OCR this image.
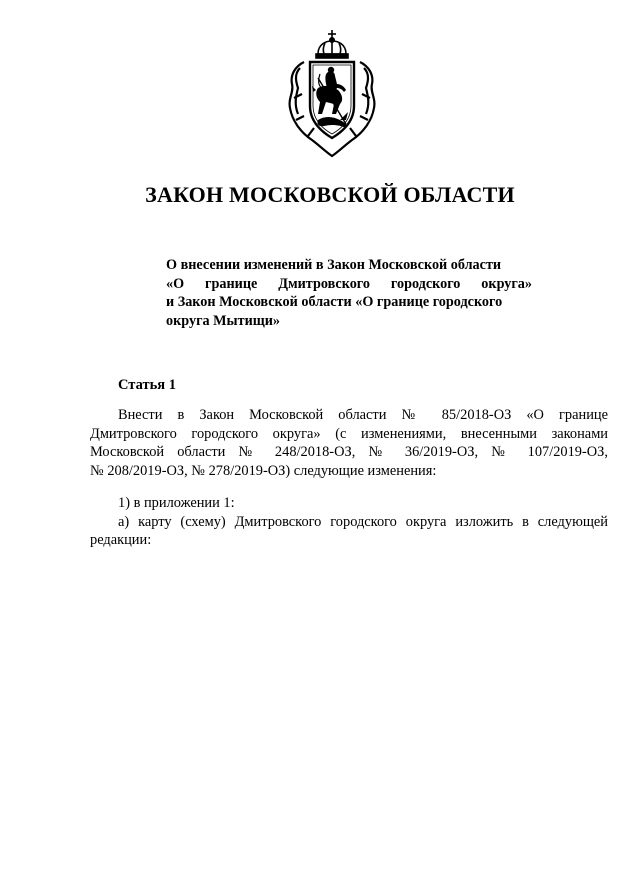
ЗАКОН МОСКОВСКОЙ ОБЛАСТИ
О внесении изменений в Закон Московской области
«О границе Дмитровского городского округа»
и Закон Московской области «О границе городского
округа Мытищи»
Статья 1
Внести в Закон Московской области № 85/2018-ОЗ «О границе
Дмитровского городского округа» (с изменениями, внесенными законами
Московской области № 248/2018-ОЗ, № 36/2019-ОЗ, № 107/2019-ОЗ,
№ 208/2019-ОЗ, № 278/2019-ОЗ) следующие изменения:
1) в приложении 1:
а) карту (схему) Дмитровского городского округа изложить в следующей
редакции:
